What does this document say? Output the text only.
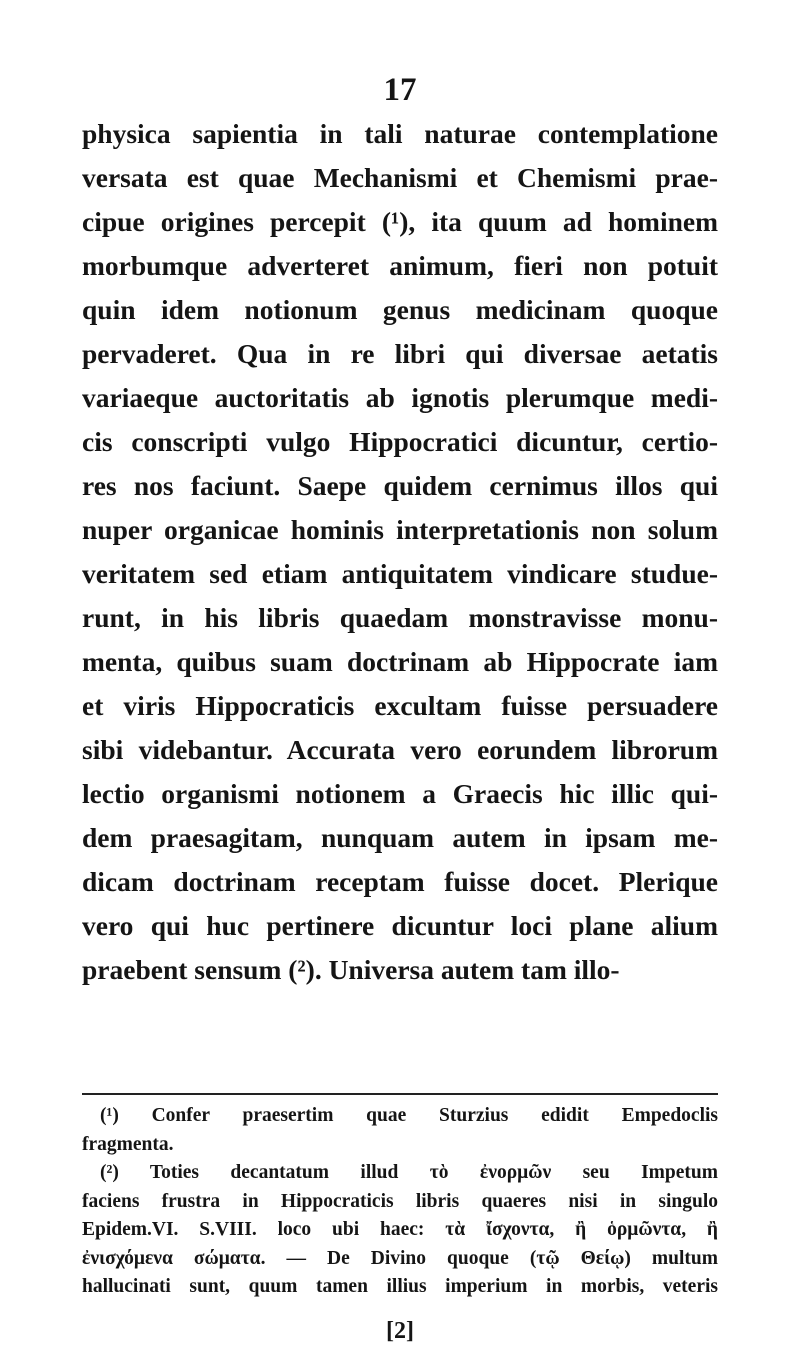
17
physica sapientia in tali naturae contemplatione
versata est quae Mechanismi et Chemismi prae-
cipue origines percepit (¹), ita quum ad hominem
morbumque adverteret animum, fieri non potuit
quin idem notionum genus medicinam quoque
pervaderet. Qua in re libri qui diversae aetatis
variaeque auctoritatis ab ignotis plerumque medi-
cis conscripti vulgo Hippocratici dicuntur, certio-
res nos faciunt. Saepe quidem cernimus illos qui
nuper organicae hominis interpretationis non solum
veritatem sed etiam antiquitatem vindicare studue-
runt, in his libris quaedam monstravisse monu-
menta, quibus suam doctrinam ab Hippocrate iam
et viris Hippocraticis excultam fuisse persuadere
sibi videbantur. Accurata vero eorundem librorum
lectio organismi notionem a Graecis hic illic qui-
dem praesagitam, nunquam autem in ipsam me-
dicam doctrinam receptam fuisse docet. Plerique
vero qui huc pertinere dicuntur loci plane alium
praebent sensum (²). Universa autem tam illo-
(¹) Confer praesertim quae Sturzius edidit Empedoclis
fragmenta.
(²) Toties decantatum illud τὸ ἐνορμῶν seu Impetum
faciens frustra in Hippocraticis libris quaeres nisi in singulo
Epidem.VI. S.VIII. loco ubi haec: τὰ ἴσχοντα, ἢ ὁρμῶντα, ἢ
ἐνισχόμενα σώματα. — De Divino quoque (τῷ Θείῳ) multum
hallucinati sunt, quum tamen illius imperium in morbis, veteris
[2]
